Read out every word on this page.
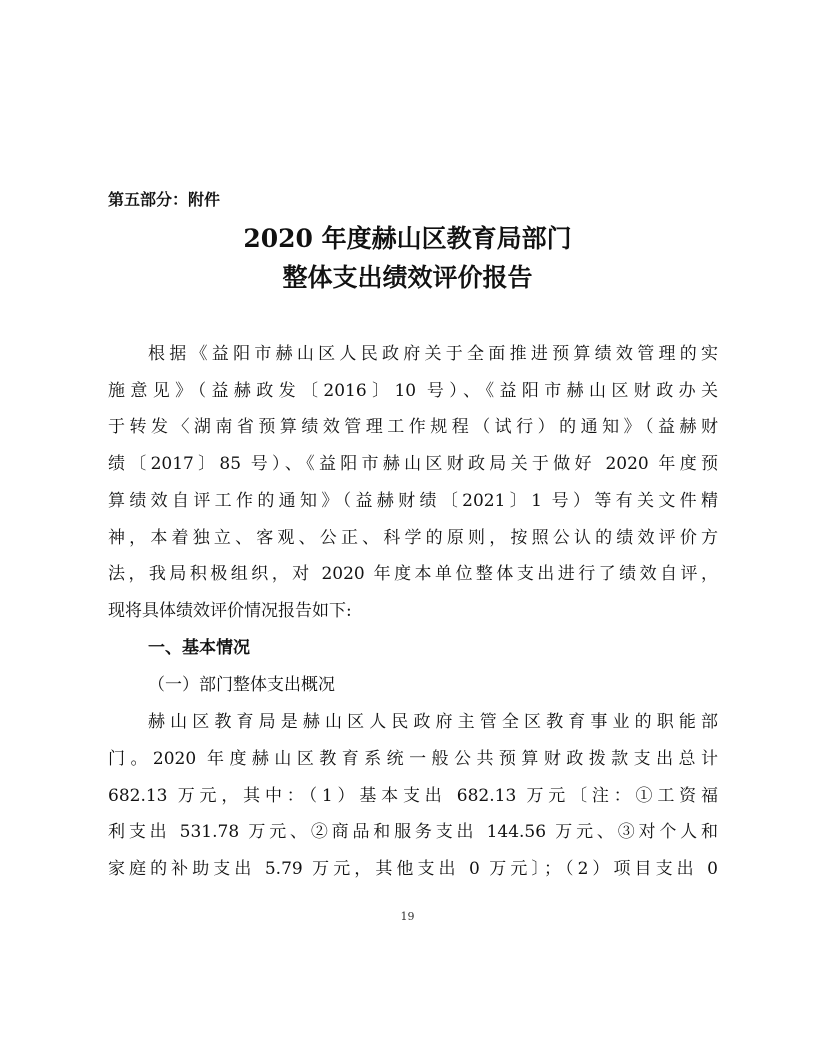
第五部分：附件
2020 年度赫山区教育局部门
整体支出绩效评价报告
根据《益阳市赫山区人民政府关于全面推进预算绩效管理的实
施意见》（益赫政发〔2016〕10 号）、《益阳市赫山区财政办关
于转发〈湖南省预算绩效管理工作规程（试行）的通知》（益赫财
绩〔2017〕85 号）、《益阳市赫山区财政局关于做好 2020 年度预
算绩效自评工作的通知》（益赫财绩〔2021〕1 号）等有关文件精
神，本着独立、客观、公正、科学的原则，按照公认的绩效评价方
法，我局积极组织，对 2020 年度本单位整体支出进行了绩效自评，
现将具体绩效评价情况报告如下:
一、基本情况
（一）部门整体支出概况
赫山区教育局是赫山区人民政府主管全区教育事业的职能部
门。2020 年度赫山区教育系统一般公共预算财政拨款支出总计
682.13 万元，其中：（1）基本支出 682.13 万元〔注：①工资福
利支出 531.78 万元、②商品和服务支出 144.56 万元、③对个人和
家庭的补助支出 5.79 万元，其他支出 0 万元〕；（2）项目支出 0
19
